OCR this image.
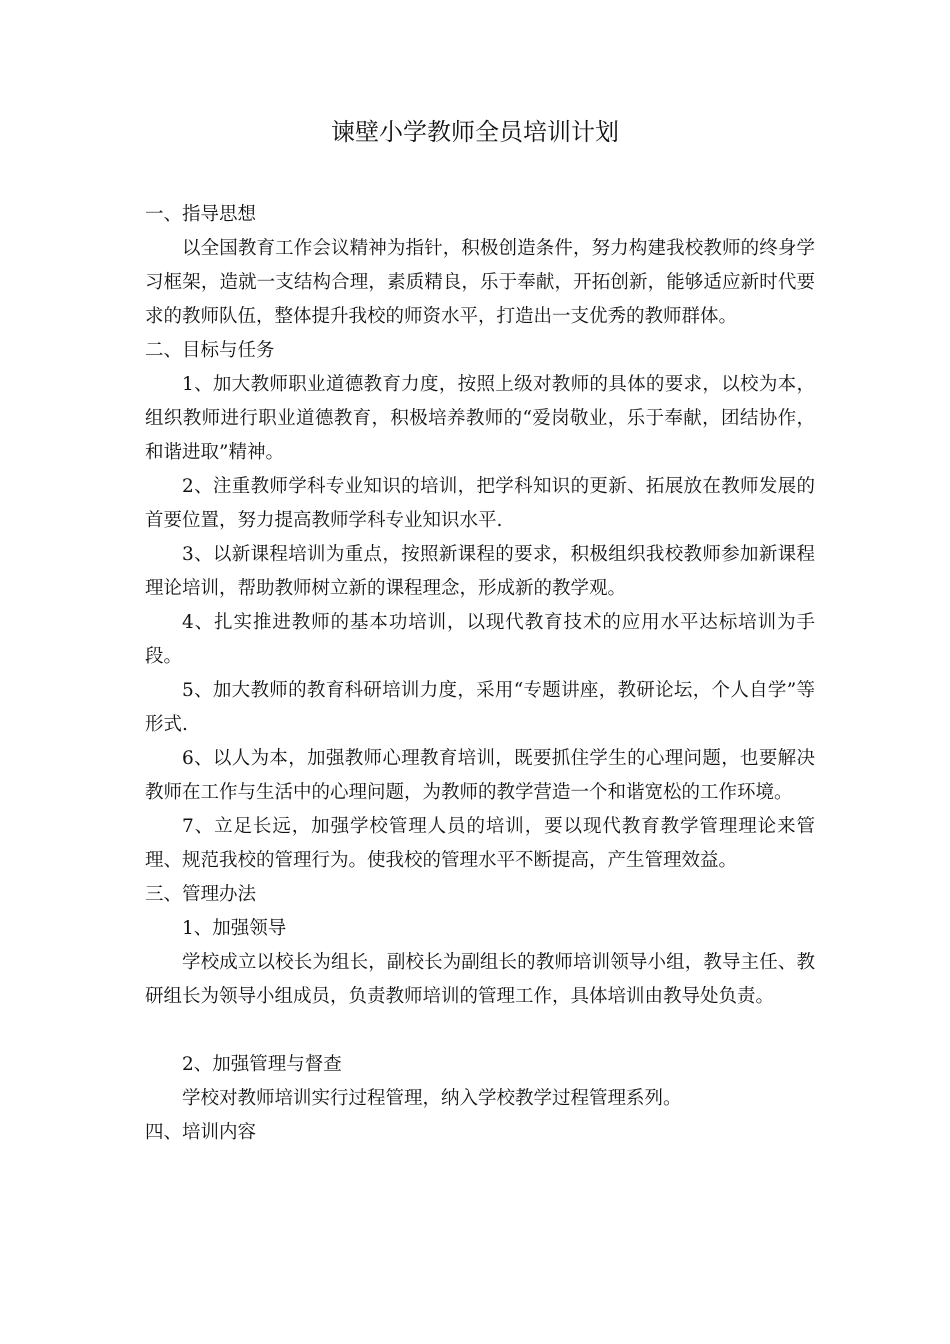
谏壁小学教师全员培训计划

一、指导思想

以全国教育工作会议精神为指针，积极创造条件，努力构建我校教师的终身学习框架，造就一支结构合理，素质精良，乐于奉献，开拓创新，能够适应新时代要求的教师队伍，整体提升我校的师资水平，打造出一支优秀的教师群体。

二、目标与任务

1、加大教师职业道德教育力度，按照上级对教师的具体的要求，以校为本，组织教师进行职业道德教育，积极培养教师的“爱岗敬业，乐于奉献，团结协作，和谐进取”精神。

2、注重教师学科专业知识的培训，把学科知识的更新、拓展放在教师发展的首要位置，努力提高教师学科专业知识水平.

3、以新课程培训为重点，按照新课程的要求，积极组织我校教师参加新课程理论培训，帮助教师树立新的课程理念，形成新的教学观。

4、扎实推进教师的基本功培训，以现代教育技术的应用水平达标培训为手段。

5、加大教师的教育科研培训力度，采用“专题讲座，教研论坛，个人自学”等形式.

6、以人为本，加强教师心理教育培训，既要抓住学生的心理问题，也要解决教师在工作与生活中的心理问题，为教师的教学营造一个和谐宽松的工作环境。

7、立足长远，加强学校管理人员的培训，要以现代教育教学管理理论来管理、规范我校的管理行为。使我校的管理水平不断提高，产生管理效益。

三、管理办法

1、加强领导

学校成立以校长为组长，副校长为副组长的教师培训领导小组，教导主任、教研组长为领导小组成员，负责教师培训的管理工作，具体培训由教导处负责。

2、加强管理与督查

学校对教师培训实行过程管理，纳入学校教学过程管理系列。

四、培训内容
